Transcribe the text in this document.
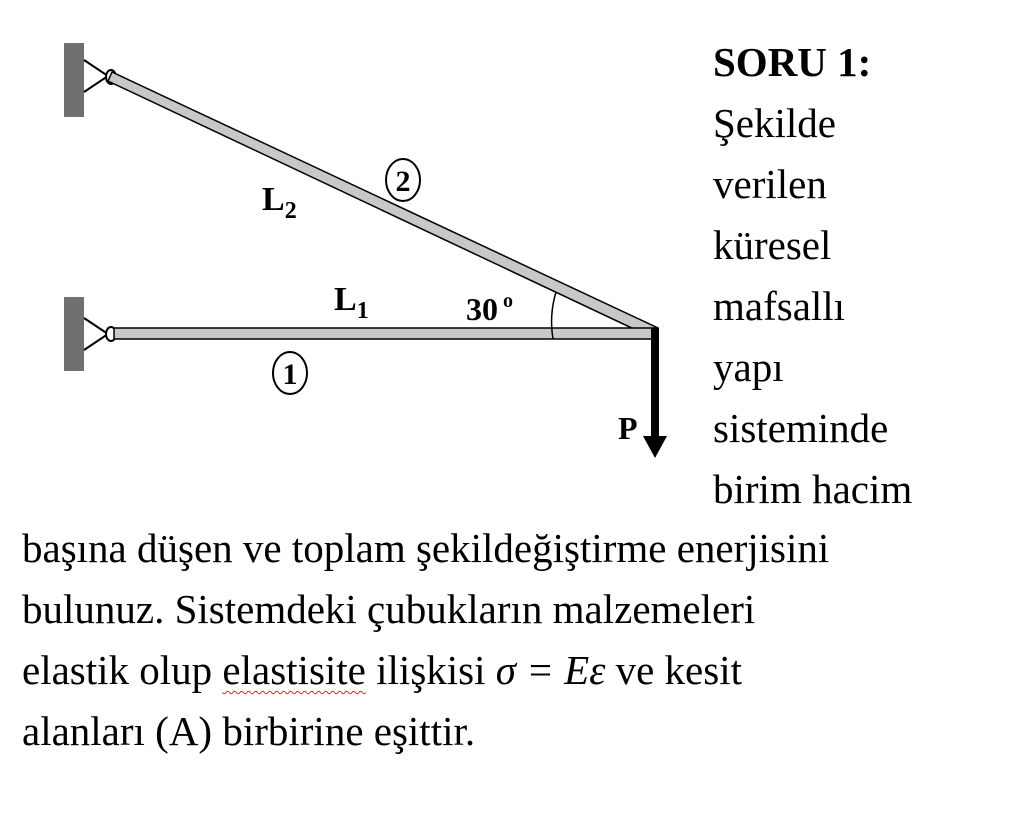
$L_2$
$L_1$
2
1
30 $^o$
P
SORU 1:
Şekilde
verilen
küresel
mafsallı
yapı
sisteminde
birim hacim
başına düşen ve toplam şekildeğiştirme enerjisini
bulunuz. Sistemdeki çubukların malzemeleri
elastik olup elastisite ilişkisi σ = Eε ve kesit
alanları (A) birbirine eşittir.
